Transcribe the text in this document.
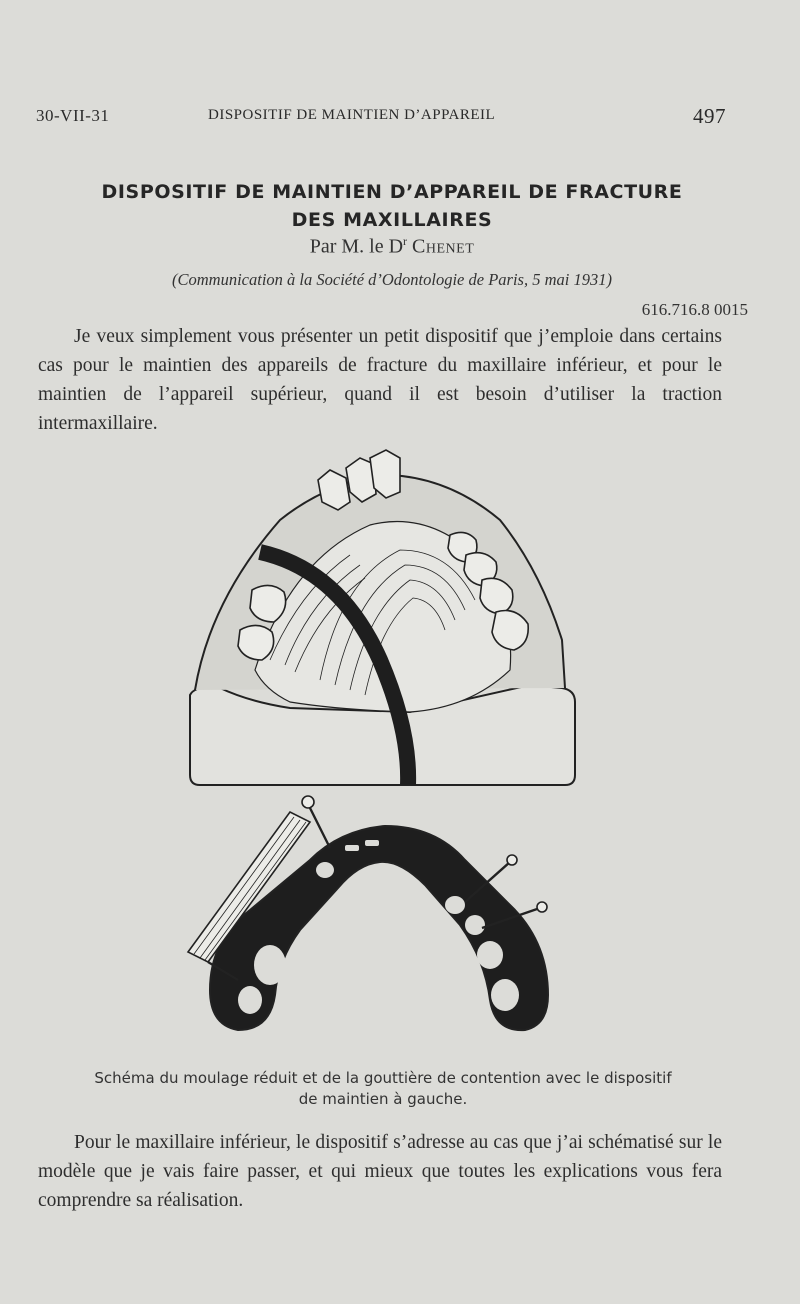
30-VII-31	DISPOSITIF DE MAINTIEN D’APPAREIL	497
DISPOSITIF DE MAINTIEN D’APPAREIL DE FRACTURE
DES MAXILLAIRES
Par M. le $D^r$ Chenet
(Communication à la Société d’Odontologie de Paris, 5 mai 1931)
616.716.8 0015
Je veux simplement vous présenter un petit dispositif que j’emploie dans certains cas pour le maintien des appareils de fracture du maxillaire inférieur, et pour le maintien de l’appareil supérieur, quand il est besoin d’utiliser la traction intermaxillaire.
Schéma du moulage réduit et de la gouttière de contention avec le dispositif
de maintien à gauche.
Pour le maxillaire inférieur, le dispositif s’adresse au cas que j’ai schématisé sur le modèle que je vais faire passer, et qui mieux que toutes les explications vous fera comprendre sa réalisation.
